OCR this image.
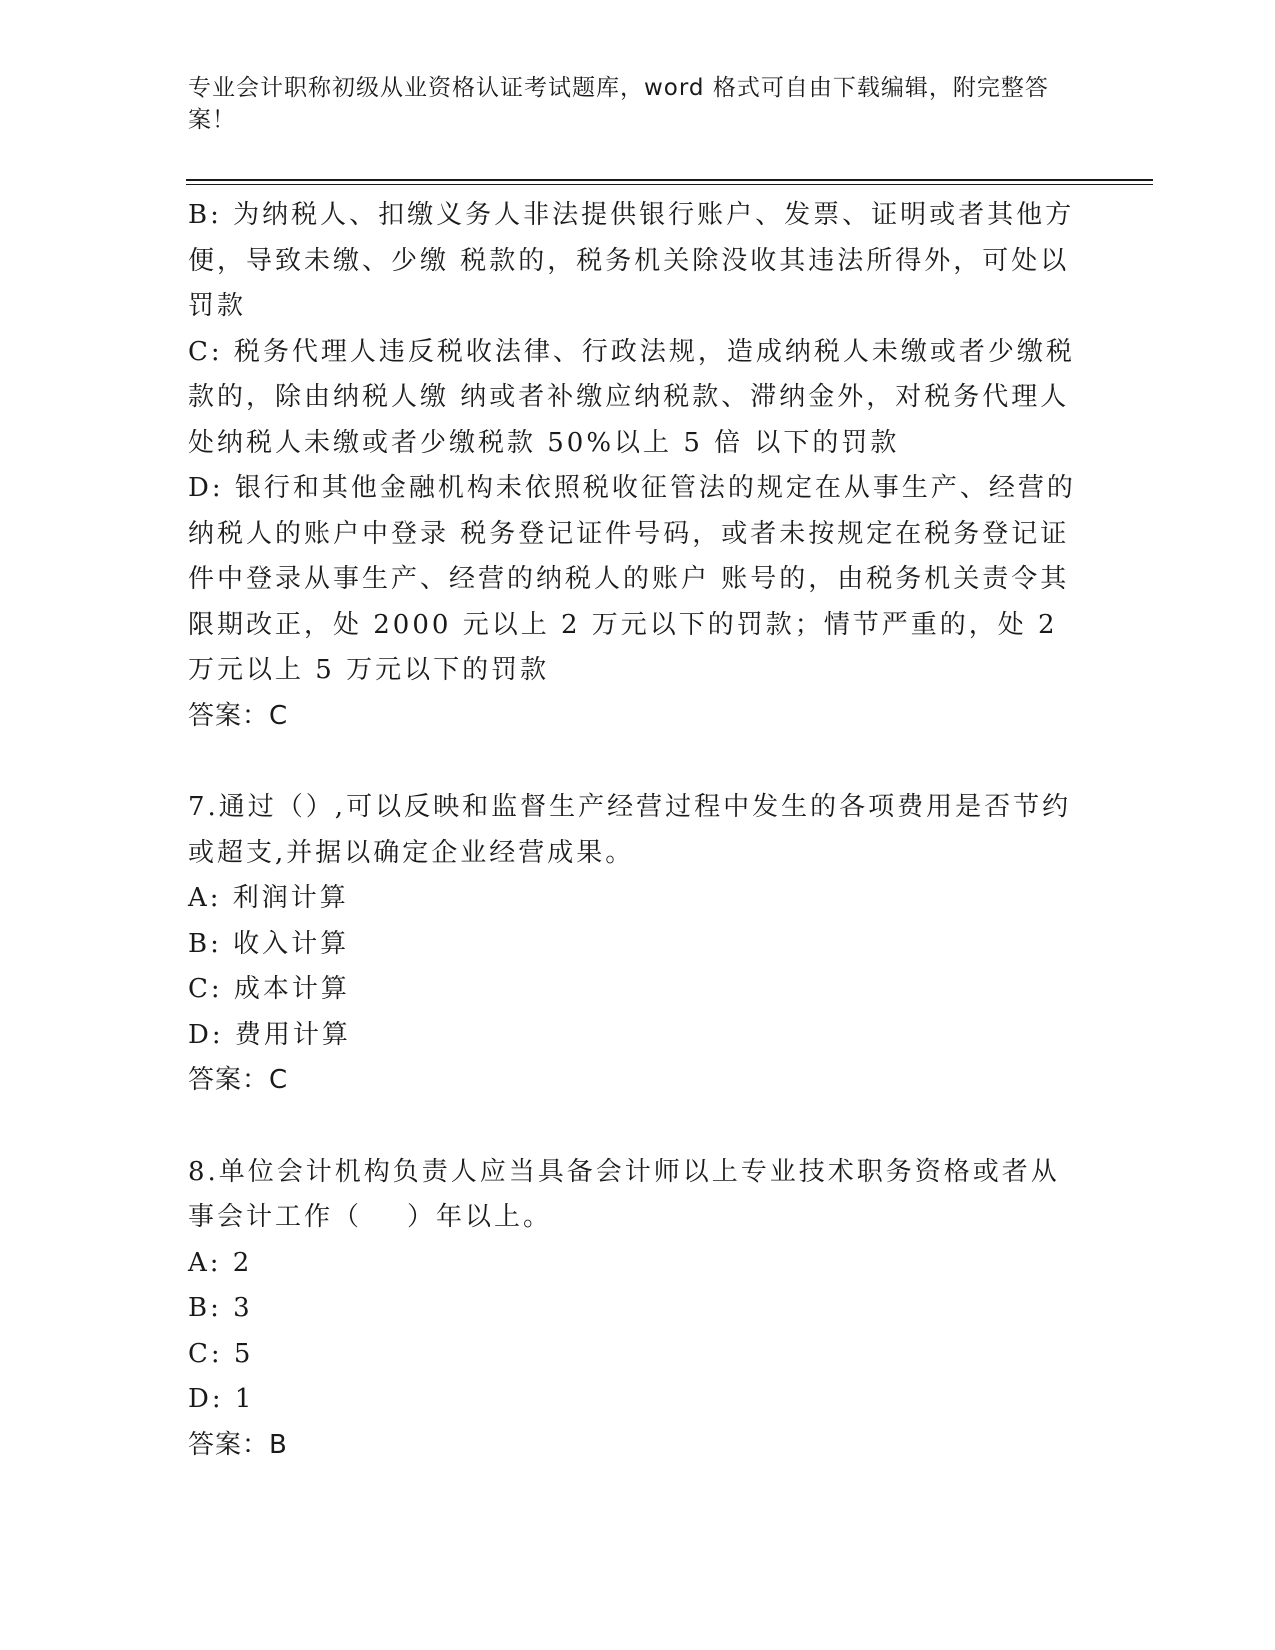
专业会计职称初级从业资格认证考试题库，word 格式可自由下载编辑，附完整答
案！
B: 为纳税人、扣缴义务人非法提供银行账户、发票、证明或者其他方
便，导致未缴、少缴 税款的，税务机关除没收其违法所得外，可处以
罚款
C: 税务代理人违反税收法律、行政法规，造成纳税人未缴或者少缴税
款的，除由纳税人缴 纳或者补缴应纳税款、滞纳金外，对税务代理人
处纳税人未缴或者少缴税款 50%以上 5 倍 以下的罚款
D: 银行和其他金融机构未依照税收征管法的规定在从事生产、经营的
纳税人的账户中登录 税务登记证件号码，或者未按规定在税务登记证
件中登录从事生产、经营的纳税人的账户 账号的，由税务机关责令其
限期改正，处 2000 元以上 2 万元以下的罚款；情节严重的，处 2
万元以上 5 万元以下的罚款
答案：C
7.通过（）,可以反映和监督生产经营过程中发生的各项费用是否节约
或超支,并据以确定企业经营成果。
A: 利润计算
B: 收入计算
C: 成本计算
D: 费用计算
答案：C
8.单位会计机构负责人应当具备会计师以上专业技术职务资格或者从
事会计工作（    ）年以上。
A: 2
B: 3
C: 5
D: 1
答案：B
